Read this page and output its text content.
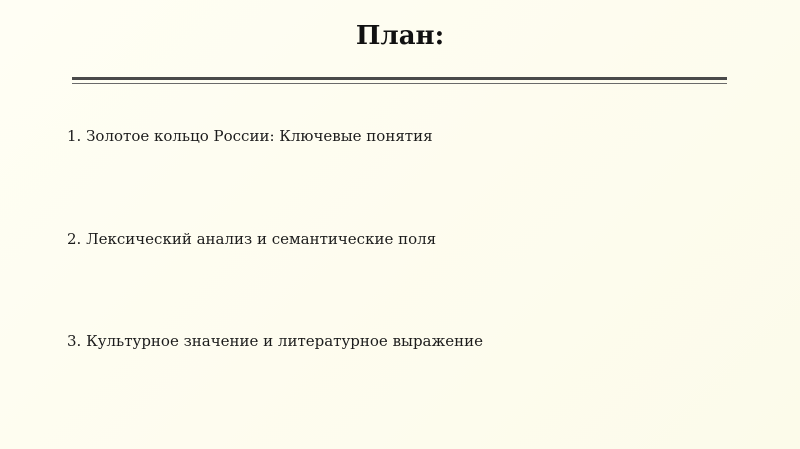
План:
1. Золотое кольцо России: Ключевые понятия
2. Лексический анализ и семантические поля
3. Культурное значение и литературное выражение
